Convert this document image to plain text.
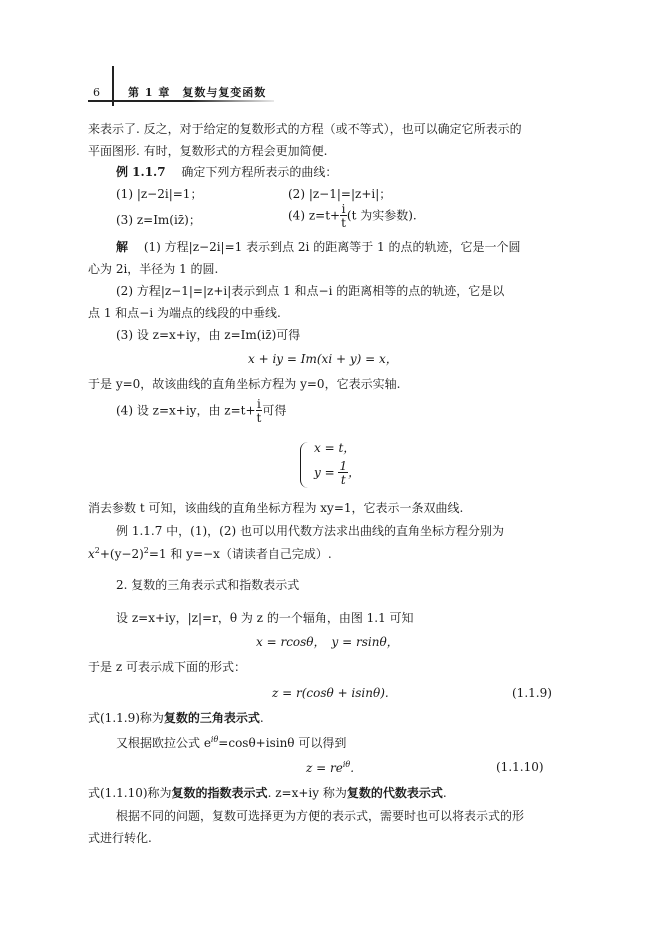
6	第 1 章　复数与复变函数
来表示了. 反之，对于给定的复数形式的方程（或不等式），也可以确定它所表示的
平面图形. 有时，复数形式的方程会更加简便.
例 1.1.7 确定下列方程所表示的曲线：
(1) |z−2i|=1；	(2) |z−1|=|z+i|；
(3) z=Im(iz̄)；	(4) $z=t+ \frac{i}{t} (t$ 为实参数).
解 (1) 方程|z−2i|=1 表示到点 2i 的距离等于 1 的点的轨迹，它是一个圆
心为 2i，半径为 1 的圆.
(2) 方程|z−1|=|z+i|表示到点 1 和点−i 的距离相等的点的轨迹，它是以
点 1 和点−i 为端点的线段的中垂线.
(3) 设 z=x+iy，由 z=Im(iz̄)可得
x + iy = Im(xi + y) = x，
于是 y=0，故该曲线的直角坐标方程为 y=0，它表示实轴.
(4) 设 z=x+iy，由 $z=t+ \frac{i}{t}$ 可得
x = t，
$y = \frac{1}{t}$ ，
消去参数 t 可知，该曲线的直角坐标方程为 xy=1，它表示一条双曲线.
例 1.1.7 中，(1)，(2) 也可以用代数方法求出曲线的直角坐标方程分别为
$x^2+(y-2)^2=1$ 和 y=−x（请读者自己完成）.
2. 复数的三角表示式和指数表示式
设 z=x+iy，|z|=r，θ 为 z 的一个辐角，由图 1.1 可知
x = rcosθ，　y = rsinθ，
于是 z 可表示成下面的形式：
z = r(cosθ + isinθ).	(1.1.9)
式(1.1.9)称为复数的三角表示式.
又根据欧拉公式 $e^{i\theta}=\cos\theta+isin\theta$ 可以得到
$z = re^{i\theta}$.	(1.1.10)
式(1.1.10)称为复数的指数表示式. z=x+iy 称为复数的代数表示式.
根据不同的问题，复数可选择更为方便的表示式，需要时也可以将表示式的形
式进行转化.
